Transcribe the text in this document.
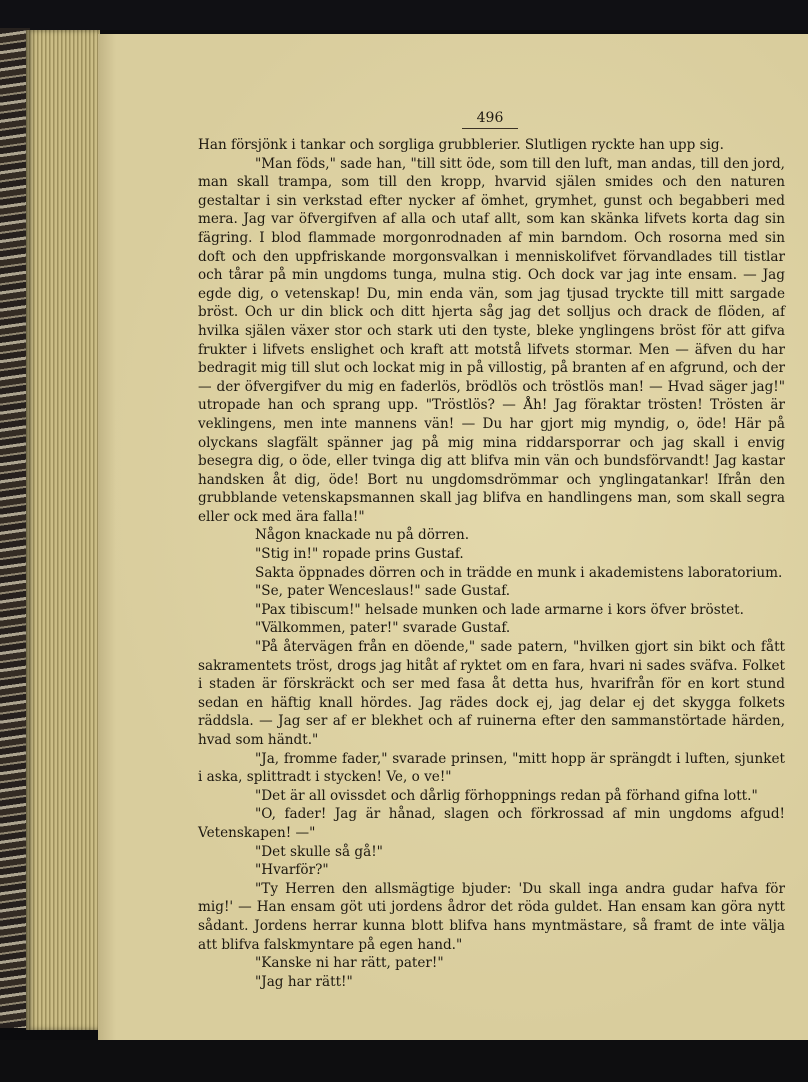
496

Han försjönk i tankar och sorgliga grubblerier. Slutligen ryckte han upp sig.

"Man föds," sade han, "till sitt öde, som till den luft, man andas, till den jord, man skall trampa, som till den kropp, hvarvid själen smides och den naturen gestaltar i sin verkstad efter nycker af ömhet, grymhet, gunst och begabberi med mera. Jag var öfvergifven af alla och utaf allt, som kan skänka lifvets korta dag sin fägring. I blod flammade morgonrodnaden af min barndom. Och rosorna med sin doft och den uppfriskande morgonsvalkan i menniskolifvet förvandlades till tistlar och tårar på min ungdoms tunga, mulna stig. Och dock var jag inte ensam. — Jag egde dig, o vetenskap! Du, min enda vän, som jag tjusad tryckte till mitt sargade bröst. Och ur din blick och ditt hjerta såg jag det solljus och drack de flöden, af hvilka själen växer stor och stark uti den tyste, bleke ynglingens bröst för att gifva frukter i lifvets enslighet och kraft att motstå lifvets stormar. Men — äfven du har bedragit mig till slut och lockat mig in på villostig, på branten af en afgrund, och der — der öfvergifver du mig en faderlös, brödlös och tröstlös man! — Hvad säger jag!" utropade han och sprang upp. "Tröstlös? — Åh! Jag föraktar trösten! Trösten är veklingens, men inte mannens vän! — Du har gjort mig myndig, o, öde! Här på olyckans slagfält spänner jag på mig mina riddarsporrar och jag skall i envig besegra dig, o öde, eller tvinga dig att blifva min vän och bundsförvandt! Jag kastar handsken åt dig, öde! Bort nu ungdomsdrömmar och ynglingatankar! Ifrån den grubblande vetenskapsmannen skall jag blifva en handlingens man, som skall segra eller ock med ära falla!"

Någon knackade nu på dörren.

"Stig in!" ropade prins Gustaf.

Sakta öppnades dörren och in trädde en munk i akademistens laboratorium.

"Se, pater Wenceslaus!" sade Gustaf.

"Pax tibiscum!" helsade munken och lade armarne i kors öfver bröstet.

"Välkommen, pater!" svarade Gustaf.

"På återvägen från en döende," sade patern, "hvilken gjort sin bikt och fått sakramentets tröst, drogs jag hitåt af ryktet om en fara, hvari ni sades sväfva. Folket i staden är förskräckt och ser med fasa åt detta hus, hvarifrån för en kort stund sedan en häftig knall hördes. Jag rädes dock ej, jag delar ej det skygga folkets räddsla. — Jag ser af er blekhet och af ruinerna efter den sammanstörtade härden, hvad som händt."

"Ja, fromme fader," svarade prinsen, "mitt hopp är sprängdt i luften, sjunket i aska, splittradt i stycken! Ve, o ve!"

"Det är all ovissdet och dårlig förhoppnings redan på förhand gifna lott."

"O, fader! Jag är hånad, slagen och förkrossad af min ungdoms afgud! Vetenskapen! —"

"Det skulle så gå!"

"Hvarför?"

"Ty Herren den allsmägtige bjuder: 'Du skall inga andra gudar hafva för mig!' — Han ensam göt uti jordens ådror det röda guldet. Han ensam kan göra nytt sådant. Jordens herrar kunna blott blifva hans myntmästare, så framt de inte välja att blifva falskmyntare på egen hand."

"Kanske ni har rätt, pater!"

"Jag har rätt!"
